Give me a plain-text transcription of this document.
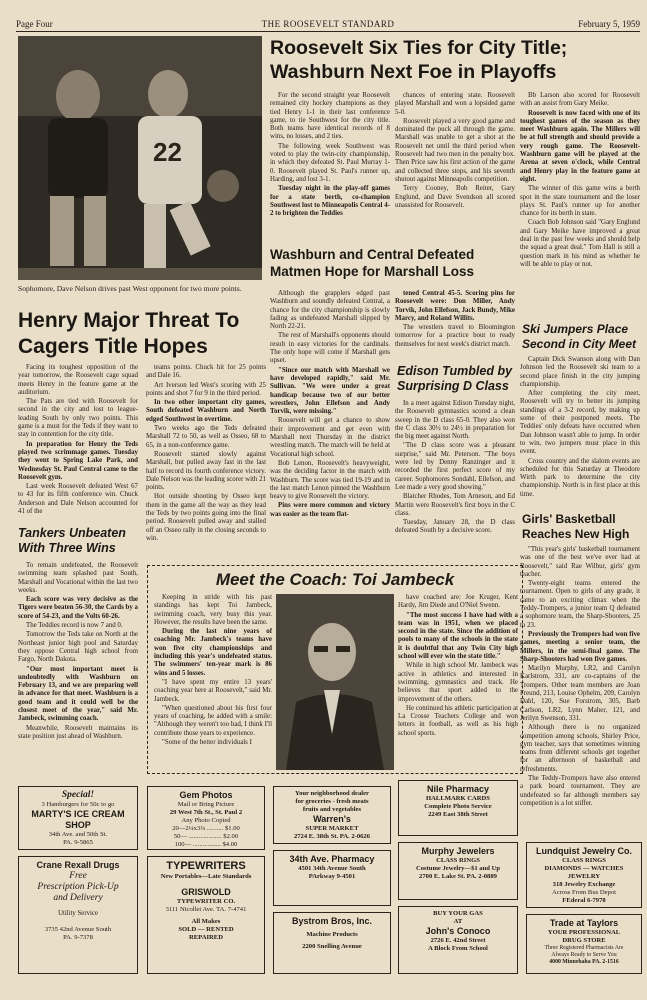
Page Four	THE ROOSEVELT STANDARD	February 5, 1959
22
Sophomore, Dave Nelson drives past West opponent for two more points.
Roosevelt Six Ties for City Title; Washburn Next Foe in Playoffs

For the second straight year Roosevelt remained city hockey champions as they tied Henry 1-1 in their last conference game, to tie Southwest for the city title. Both teams have identical records of 8 wins, no losses, and 2 ties.

The following week Southwest was voted to play the twin-city championship, in which they defeated St. Paul Murray 1-0. Roosevelt played St. Paul's runner up, Harding, and lost 3-1.

Tuesday night in the play-off games for a state berth, co-champion Southwest lost to Minneapolis Central 4-2 to brighten the Teddies

chances of entering state. Roosevelt played Marshall and won a lopsided game 5-0.

Roosevelt played a very good game and dominated the puck all through the game. Marshall was unable to get a shot at the Roosevelt net until the third period when Roosevelt had two men in the penalty box. Then Price saw his first action of the game and collected three stops, and his seventh shutout against Minneapolis competition.

Terry Cooney, Bob Reiter, Gary Englund, and Dave Svendson all scored unassisted for Roosevelt.

Bb Larson also scored for Roosevelt with an assist from Gary Meike.

Roosevelt is now faced with one of its toughest games of the season as they meet Washburn again. The Millers will be at full strength and should provide a very rough game. The Roosevelt-Washburn game will be played at the Arena at seven o'clock, while Central and Henry play in the feature game at eight.

The winner of this game wins a berth spot in the state tournament and the loser plays St. Paul's runner up for another chance for its berth in state.

Coach Bob Johnson said "Gary Englund and Gary Meike have improved a great deal in the past few weeks and should help the squad a great deal." Tom Hall is still a question mark in his mind as whether he will be able to play or not.

Washburn and Central Defeated Matmen Hope for Marshall Loss

Although the grapplers edged past Washburn and soundly defeated Central, a chance for the city championship is slowly fading as undefeated Marshall slipped by North 22-21.

The rest of Marshall's opponents should result in easy victories for the cardinals. The only hope will come if Marshall gets upset.

"Since our match with Marshall we have developed rapidly," said Mr. Sullivan. "We were under a great handicap because two of our better wrestlers, John Ellefson and Andy Torvik, were missing."

Roosevelt will get a chance to show their improvement and get even with Marshall next Thursday in the district wrestling match. The match will be held at Vocational high school.

Bob Lenon, Roosevelt's heavyweight, was the deciding factor in the match with Washburn. The score was tied 19-19 and in the last match Lenon pinned the Washburn heavy to give Roosevelt the victory.

Pins were more common and victory was easier as the team flat-

tened Central 45-5. Scoring pins for Roosevelt were: Don Miller, Andy Torvik, John Ellefson, Jack Bundy, Mike Marcy, and Roland Willits.

The wrestlers travel to Bloomington tomorrow for a practice bout to ready themselves for next week's district match.

Edison Tumbled by Surprising D Class

In a meet against Edison Tuesday night, the Roosevelt gymnastics scored a clean sweep in the D class 65-0. They also won the C class 30½ to 24½ in preparation for the big meet against North.

"The D class score was a pleasant surprise," said Mr. Peterson. "The boys were led by Denny Ranzinger and it recorded the first perfect score of my career. Sophomores Sondahl, Ellefson, and Lee made a very good showing."

Blatcher Rhodes, Tom Arneson, and Ed Martin were Roosevelt's first boys in the C class.

Tuesday, January 28, the D class defeated South by a decisive score.

Ski Jumpers Place Second in City Meet

Captain Dick Swanson along with Dan Johnson led the Roosevelt ski team to a second place finish in the city jumping championship.

After completing the city meet, Roosevelt will try to better its jumping standings of a 3-2 record, by making up some of their postponed meets. The Teddies' only defeats have occurred when Dan Johnson wasn't able to jump. In order to win, two jumpers must place in this event.

Cross country and the slalom events are scheduled for this Saturday at Theodore Wirth park to determine the city championship. North is in first place at this time.

Girls' Basketball Reaches New High

"This year's girls' basketball tournament was one of the best we've ever had at Roosevelt," said Rae Wilbur, girls' gym teacher.

Twenty-eight teams entered the tournament. Open to girls of any grade, it came to an exciting climax when the Teddy-Trompers, a junior team Q defeated a sophomore team, the Sharp-Shooters, 25 to 23.

Previously the Trompers had won five games, meeting a senior team, the Millers, in the semi-final game. The Sharp-Shooters had won five games.

Marilyn Murphy, LR2, and Carolyn Karlstrom, 331, are co-captains of the Trompers. Other team members are Joan Freund, 213, Louise Ophelm, 209, Carolyn Dahl, 120, Sue Forstrom, 305, Barb Carlson, LR2, Lynn Maher, 121, and Jerilyn Swenson, 331.

Although there is no organized competition among schools, Shirley Price, gym teacher, says that sometimes winning teams from different schools get together for an afternoon of basketball and refreshments.

The Teddy-Trompers have also entered a park board tournament. They are undefeated so far although members say competition is a lot stiffer.

Henry Major Threat To Cagers Title Hopes

Facing its toughest opposition of the year tomorrow, the Roosevelt cage squad meets Henry in the feature game at the auditorium.

The Pats are tied with Roosevelt for second in the city and lost to league-leading South by only two points. This game is a must for the Teds if they want to stay in contention for the city title.

In preparation for Henry the Teds played two scrimmage games. Tuesday they went to Spring Lake Park, and Wednesday St. Paul Central came to the Roosevelt gym.

Last week Roosevelt defeated West 67 to 43 for its fifth conference win. Chuck Anderson and Dale Nelson accounted for 41 of the

teams points. Chuck hit for 25 points and Dale 16.

Art Iverson led West's scoring with 25 points and shot 7 for 9 in the third period.

In two other important city games, South defeated Washburn and North edged Southwest in overtime.

Two weeks ago the Teds defeated Marshall 72 to 50, as well as Osseo, 68 to 65, in a non-conference game.

Roosevelt started slowly against Marshall, but pulled away fast in the last half to record its fourth conference victory. Dale Nelson was the leading scorer with 21 points.

Hot outside shooting by Osseo kept them in the game all the way as they lead the Teds by two points going into the final period. Roosevelt pulled away and stalled off an Osseo rally in the closing seconds to win.

Tankers Unbeaten With Three Wins

To remain undefeated, the Roosevelt swimming team splashed past South, Marshall and Vocational within the last two weeks.

Each score was very decisive as the Tigers were beaten 56-30, the Cards by a score of 54-23, and the Volts 60-26.

The Teddies record is now 7 and 0.

Tomorrow the Teds take on North at the Northeast junior high pool and Saturday they oppose Central high school from Fargo, North Dakota.

"Our most important meet is undoubtedly with Washburn on February 13, and we are preparing well in advance for that meet. Washburn is a good team and it could well be the closest meet of the year," said Mr. Jambeck, swimming coach.

Meanwhile, Roosevelt maintains its state position just ahead of Washburn.

Meet the Coach: Toi Jambeck

Keeping in stride with his past standings has kept Toi Jambeck, swimming coach, very busy this year. However, the results have been the same.

During the last nine years of coaching Mr. Jambeck's teams have won five city championships and including this year's undefeated status. The swimmers' ten-year mark is 86 wins and 5 losses.

"I have spent my entire 13 years' coaching year here at Roosevelt," said Mr. Jambeck.

"When questioned about his first four years of coaching, he added with a smile: "Although they weren't too bad, I think I'll contribute those years to experience.

"Some of the better individuals I

have coached are: Joe Kruger, Kent Hardy, Jim Diede and O'Niel Swenn.

"The most success I have had with a team was in 1951, when we placed second in the state. Since the addition of pools to many of the schools in the state it is doubtful that any Twin City high school will ever win the state title."

While in high school Mr. Jambeck was active in athletics and interested in swimming, gymnastics and track. He believes that sport added to the improvement of the others.

He continued his athletic participation at La Crosse Teachers College and won letters in football, as well as his high school sports.

Special!
3 Hamburgers for 50c to go
MARTY'S ICE CREAM SHOP
34th Ave. and 50th St.
PA. 9-5865
Gem Photos
Mail or Bring Picture
29 West 7th St., St. Paul 2
Any Photo Copied
20—2¼x3¼ .......... $1.00
50— .................... $2.00
100— ................. $4.00
Your neighborhood dealer
for groceries - fresh meats
fruits and vegetables
Warren's
SUPER MARKET
2724 E. 38th St. PA. 2-0626
Nile Pharmacy
HALLMARK CARDS
Complete Photo Service
2249 East 38th Street
Crane Rexall Drugs
Free
Prescription Pick-Up
and Delivery
Utility Service
3735 42nd Avenue South
PA. 9-7378
TYPEWRITERS
New Portables—Late Standards
GRISWOLD
TYPEWRITER CO.
3111 Nicollet Ave. TA. 7-4741
All Makes
SOLD — RENTED
REPAIRED
34th Ave. Pharmacy
4501 34th Avenue South
PArkway 9-4501
Murphy Jewelers
CLASS RINGS
Costume Jewelry—$1 and Up
2700 E. Lake St. PA. 2-0889
Lundquist Jewelry Co.
CLASS RINGS
DIAMONDS — WATCHES
JEWELRY
318 Jewelry Exchange
Across From Bus Depot
FEderal 6-7978
Bystrom Bros, Inc.
Machine Products
2200 Snelling Avenue
BUY YOUR GAS
AT
John's Conoco
2726 E. 42nd Street
A Block From School
Trade at Taylors
YOUR PROFESSIONAL
DRUG STORE
Three Registered Pharmacists Are
Always Ready to Serve You
4000 Minnehaha PA. 2-1516
